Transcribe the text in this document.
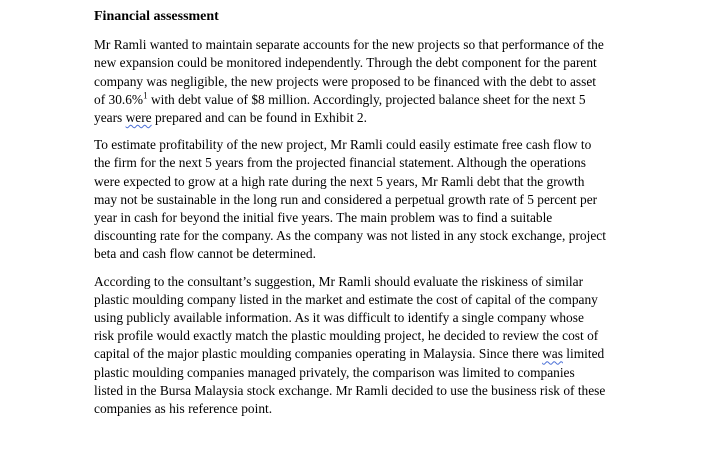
Financial assessment
Mr Ramli wanted to maintain separate accounts for the new projects so that performance of the
new expansion could be monitored independently. Through the debt component for the parent
company was negligible, the new projects were proposed to be financed with the debt to asset
of 30.6%$^1$ with debt value of $8 million. Accordingly, projected balance sheet for the next 5
years were prepared and can be found in Exhibit 2.
To estimate profitability of the new project, Mr Ramli could easily estimate free cash flow to
the firm for the next 5 years from the projected financial statement. Although the operations
were expected to grow at a high rate during the next 5 years, Mr Ramli debt that the growth
may not be sustainable in the long run and considered a perpetual growth rate of 5 percent per
year in cash for beyond the initial five years. The main problem was to find a suitable
discounting rate for the company. As the company was not listed in any stock exchange, project
beta and cash flow cannot be determined.
According to the consultant’s suggestion, Mr Ramli should evaluate the riskiness of similar
plastic moulding company listed in the market and estimate the cost of capital of the company
using publicly available information. As it was difficult to identify a single company whose
risk profile would exactly match the plastic moulding project, he decided to review the cost of
capital of the major plastic moulding companies operating in Malaysia. Since there was limited
plastic moulding companies managed privately, the comparison was limited to companies
listed in the Bursa Malaysia stock exchange. Mr Ramli decided to use the business risk of these
companies as his reference point.
